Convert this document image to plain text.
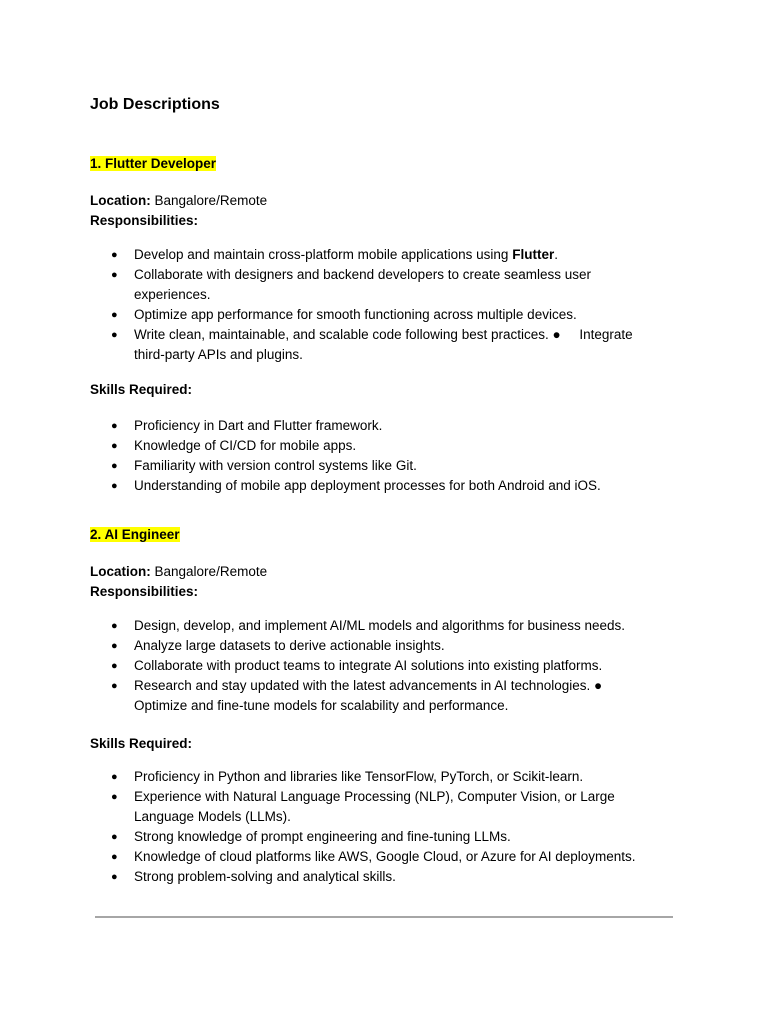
Job Descriptions
1. Flutter Developer

Location: Bangalore/Remote

Responsibilities:

● Develop and maintain cross-platform mobile applications using Flutter.
● Collaborate with designers and backend developers to create seamless user experiences.
● Optimize app performance for smooth functioning across multiple devices.
● Write clean, maintainable, and scalable code following best practices. ●     Integrate third-party APIs and plugins.
Skills Required:
● Proficiency in Dart and Flutter framework.
● Knowledge of CI/CD for mobile apps.
● Familiarity with version control systems like Git.
● Understanding of mobile app deployment processes for both Android and iOS.
2. AI Engineer

Location: Bangalore/Remote

Responsibilities:

● Design, develop, and implement AI/ML models and algorithms for business needs.
● Analyze large datasets to derive actionable insights.
● Collaborate with product teams to integrate AI solutions into existing platforms.
● Research and stay updated with the latest advancements in AI technologies. ● Optimize and fine-tune models for scalability and performance.
Skills Required:
● Proficiency in Python and libraries like TensorFlow, PyTorch, or Scikit-learn.
● Experience with Natural Language Processing (NLP), Computer Vision, or Large Language Models (LLMs).
● Strong knowledge of prompt engineering and fine-tuning LLMs.
● Knowledge of cloud platforms like AWS, Google Cloud, or Azure for AI deployments.
● Strong problem-solving and analytical skills.
